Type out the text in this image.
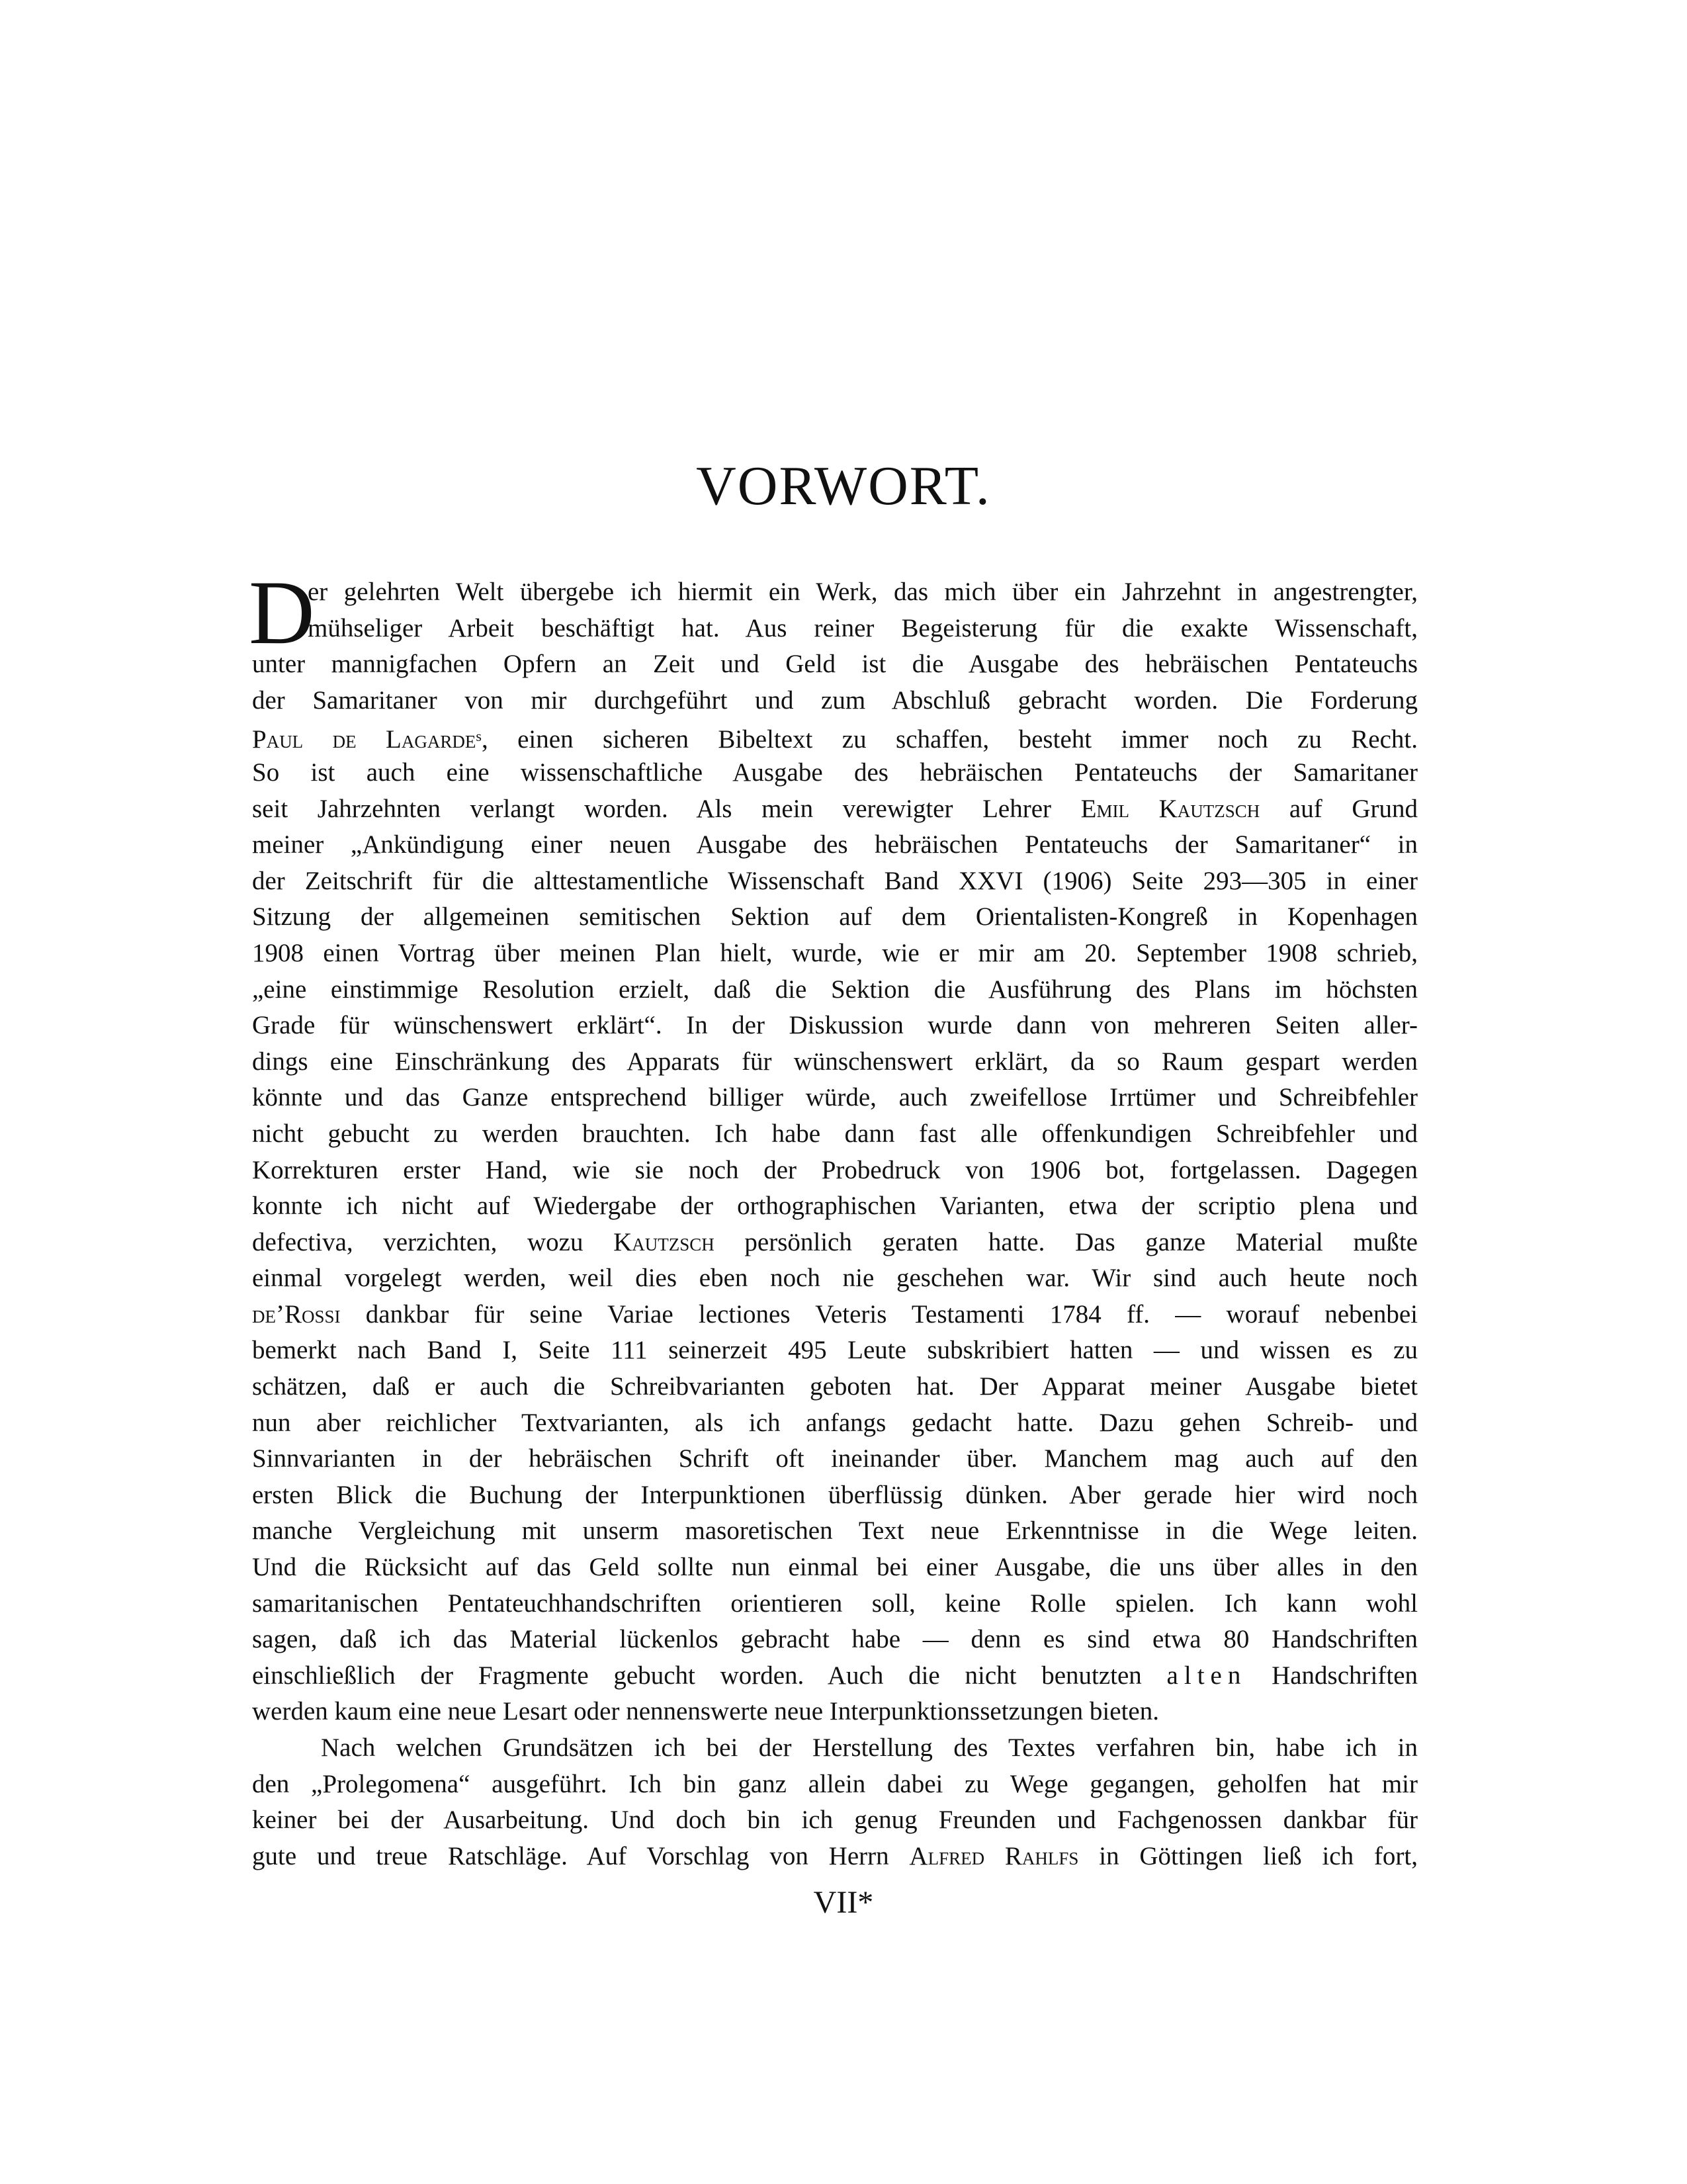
VORWORT.
D
er gelehrten Welt übergebe ich hiermit ein Werk, das mich über ein Jahrzehnt in angestrengter,
mühseliger Arbeit beschäftigt hat. Aus reiner Begeisterung für die exakte Wissenschaft,
unter mannigfachen Opfern an Zeit und Geld ist die Ausgabe des hebräischen Pentateuchs
der Samaritaner von mir durchgeführt und zum Abschluß gebracht worden. Die Forderung
Paul de Lagarde$^s$, einen sicheren Bibeltext zu schaffen, besteht immer noch zu Recht.
So ist auch eine wissenschaftliche Ausgabe des hebräischen Pentateuchs der Samaritaner
seit Jahrzehnten verlangt worden. Als mein verewigter Lehrer Emil Kautzsch auf Grund
meiner „Ankündigung einer neuen Ausgabe des hebräischen Pentateuchs der Samaritaner“ in
der Zeitschrift für die alttestamentliche Wissenschaft Band XXVI (1906) Seite 293—305 in einer
Sitzung der allgemeinen semitischen Sektion auf dem Orientalisten-Kongreß in Kopenhagen
1908 einen Vortrag über meinen Plan hielt, wurde, wie er mir am 20. September 1908 schrieb,
„eine einstimmige Resolution erzielt, daß die Sektion die Ausführung des Plans im höchsten
Grade für wünschenswert erklärt“. In der Diskussion wurde dann von mehreren Seiten aller-
dings eine Einschränkung des Apparats für wünschenswert erklärt, da so Raum gespart werden
könnte und das Ganze entsprechend billiger würde, auch zweifellose Irrtümer und Schreibfehler
nicht gebucht zu werden brauchten. Ich habe dann fast alle offenkundigen Schreibfehler und
Korrekturen erster Hand, wie sie noch der Probedruck von 1906 bot, fortgelassen. Dagegen
konnte ich nicht auf Wiedergabe der orthographischen Varianten, etwa der scriptio plena und
defectiva, verzichten, wozu Kautzsch persönlich geraten hatte. Das ganze Material mußte
einmal vorgelegt werden, weil dies eben noch nie geschehen war. Wir sind auch heute noch
de’Rossi dankbar für seine Variae lectiones Veteris Testamenti 1784 ff. — worauf nebenbei
bemerkt nach Band I, Seite 111 seinerzeit 495 Leute subskribiert hatten — und wissen es zu
schätzen, daß er auch die Schreibvarianten geboten hat. Der Apparat meiner Ausgabe bietet
nun aber reichlicher Textvarianten, als ich anfangs gedacht hatte. Dazu gehen Schreib- und
Sinnvarianten in der hebräischen Schrift oft ineinander über. Manchem mag auch auf den
ersten Blick die Buchung der Interpunktionen überflüssig dünken. Aber gerade hier wird noch
manche Vergleichung mit unserm masoretischen Text neue Erkenntnisse in die Wege leiten.
Und die Rücksicht auf das Geld sollte nun einmal bei einer Ausgabe, die uns über alles in den
samaritanischen Pentateuchhandschriften orientieren soll, keine Rolle spielen. Ich kann wohl
sagen, daß ich das Material lückenlos gebracht habe — denn es sind etwa 80 Handschriften
einschließlich der Fragmente gebucht worden. Auch die nicht benutzten alten Handschriften
werden kaum eine neue Lesart oder nennenswerte neue Interpunktionssetzungen bieten.
Nach welchen Grundsätzen ich bei der Herstellung des Textes verfahren bin, habe ich in
den „Prolegomena“ ausgeführt. Ich bin ganz allein dabei zu Wege gegangen, geholfen hat mir
keiner bei der Ausarbeitung. Und doch bin ich genug Freunden und Fachgenossen dankbar für
gute und treue Ratschläge. Auf Vorschlag von Herrn Alfred Rahlfs in Göttingen ließ ich fort,
VII*
